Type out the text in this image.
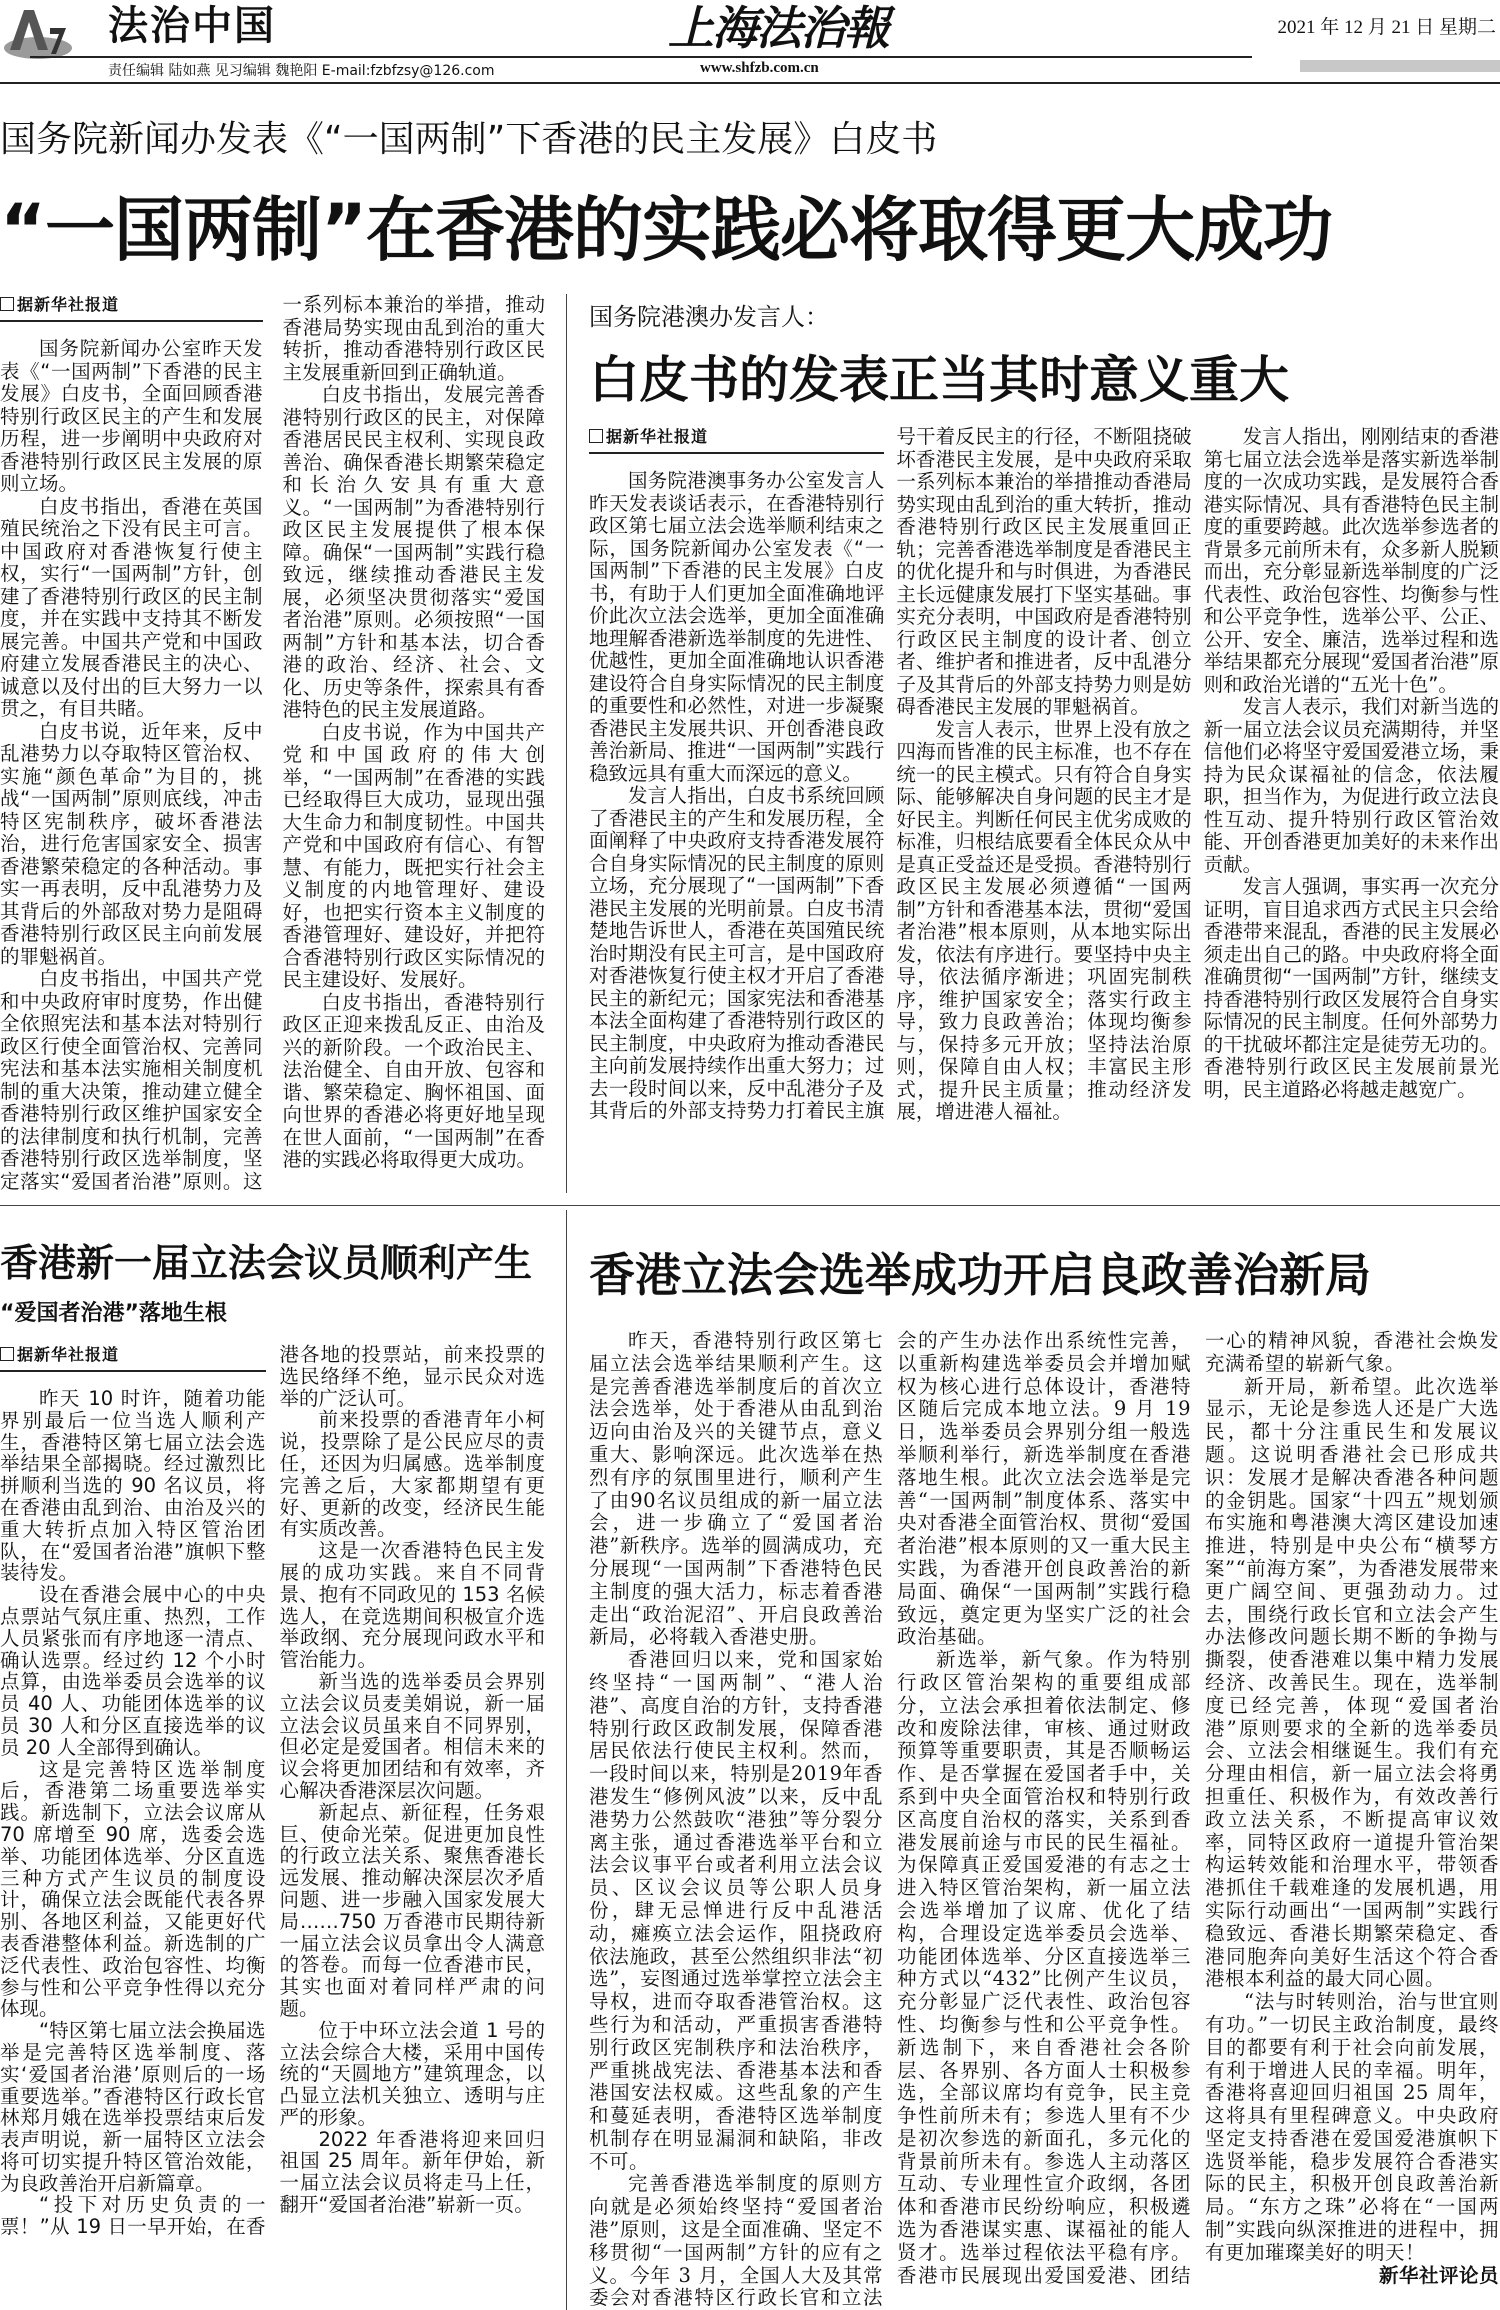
法治中国	上海法治報
责任编辑 陆如燕 见习编辑 魏艳阳 E-mail:fzbfzsy@126.com	www.shfzb.com.cn
2021 年 12 月 21 日 星期二
国务院新闻办发表《“一国两制”下香港的民主发展》白皮书
“一国两制”在香港的实践必将取得更大成功
据新华社报道

国务院新闻办公室昨天发表《“一国两制”下香港的民主发展》白皮书，全面回顾香港特别行政区民主的产生和发展历程，进一步阐明中央政府对香港特别行政区民主发展的原则立场。

白皮书指出，香港在英国殖民统治之下没有民主可言。中国政府对香港恢复行使主权，实行“一国两制”方针，创建了香港特别行政区的民主制度，并在实践中支持其不断发展完善。中国共产党和中国政府建立发展香港民主的决心、诚意以及付出的巨大努力一以贯之，有目共睹。

白皮书说，近年来，反中乱港势力以夺取特区管治权、实施“颜色革命”为目的，挑战“一国两制”原则底线，冲击特区宪制秩序，破坏香港法治，进行危害国家安全、损害香港繁荣稳定的各种活动。事实一再表明，反中乱港势力及其背后的外部敌对势力是阻碍香港特别行政区民主向前发展的罪魁祸首。

白皮书指出，中国共产党和中央政府审时度势，作出健全依照宪法和基本法对特别行政区行使全面管治权、完善同宪法和基本法实施相关制度机制的重大决策，推动建立健全香港特别行政区维护国家安全的法律制度和执行机制，完善香港特别行政区选举制度，坚定落实“爱国者治港”原则。这一系列标本兼治的举措，推动香港局势实现由乱到治的重大转折，推动香港特别行政区民主发展重新回到正确轨道。

白皮书指出，发展完善香港特别行政区的民主，对保障香港居民民主权利、实现良政善治、确保香港长期繁荣稳定和长治久安具有重大意义。“一国两制”为香港特别行政区民主发展提供了根本保障。确保“一国两制”实践行稳致远，继续推动香港民主发展，必须坚决贯彻落实“爱国者治港”原则。必须按照“一国两制”方针和基本法，切合香港的政治、经济、社会、文化、历史等条件，探索具有香港特色的民主发展道路。

白皮书说，作为中国共产党和中国政府的伟大创举，“一国两制”在香港的实践已经取得巨大成功，显现出强大生命力和制度韧性。中国共产党和中国政府有信心、有智慧、有能力，既把实行社会主义制度的内地管理好、建设好，也把实行资本主义制度的香港管理好、建设好，并把符合香港特别行政区实际情况的民主建设好、发展好。

白皮书指出，香港特别行政区正迎来拨乱反正、由治及兴的新阶段。一个政治民主、法治健全、自由开放、包容和谐、繁荣稳定、胸怀祖国、面向世界的香港必将更好地呈现在世人面前，“一国两制”在香港的实践必将取得更大成功。

国务院港澳办发言人：
白皮书的发表正当其时意义重大
据新华社报道

国务院港澳事务办公室发言人昨天发表谈话表示，在香港特别行政区第七届立法会选举顺利结束之际，国务院新闻办公室发表《“一国两制”下香港的民主发展》白皮书，有助于人们更加全面准确地评价此次立法会选举，更加全面准确地理解香港新选举制度的先进性、优越性，更加全面准确地认识香港建设符合自身实际情况的民主制度的重要性和必然性，对进一步凝聚香港民主发展共识、开创香港良政善治新局、推进“一国两制”实践行稳致远具有重大而深远的意义。

发言人指出，白皮书系统回顾了香港民主的产生和发展历程，全面阐释了中央政府支持香港发展符合自身实际情况的民主制度的原则立场，充分展现了“一国两制”下香港民主发展的光明前景。白皮书清楚地告诉世人，香港在英国殖民统治时期没有民主可言，是中国政府对香港恢复行使主权才开启了香港民主的新纪元；国家宪法和香港基本法全面构建了香港特别行政区的民主制度，中央政府为推动香港民主向前发展持续作出重大努力；过去一段时间以来，反中乱港分子及其背后的外部支持势力打着民主旗号干着反民主的行径，不断阻挠破坏香港民主发展，是中央政府采取一系列标本兼治的举措推动香港局势实现由乱到治的重大转折，推动香港特别行政区民主发展重回正轨；完善香港选举制度是香港民主的优化提升和与时俱进，为香港民主长远健康发展打下坚实基础。事实充分表明，中国政府是香港特别行政区民主制度的设计者、创立者、维护者和推进者，反中乱港分子及其背后的外部支持势力则是妨碍香港民主发展的罪魁祸首。

发言人表示，世界上没有放之四海而皆准的民主标准，也不存在统一的民主模式。只有符合自身实际、能够解决自身问题的民主才是好民主。判断任何民主优劣成败的标准，归根结底要看全体民众从中是真正受益还是受损。香港特别行政区民主发展必须遵循“一国两制”方针和香港基本法，贯彻“爱国者治港”根本原则，从本地实际出发，依法有序进行。要坚持中央主导，依法循序渐进；巩固宪制秩序，维护国家安全；落实行政主导，致力良政善治；体现均衡参与，保持多元开放；坚持法治原则，保障自由人权；丰富民主形式，提升民主质量；推动经济发展，增进港人福祉。

发言人指出，刚刚结束的香港第七届立法会选举是落实新选举制度的一次成功实践，是发展符合香港实际情况、具有香港特色民主制度的重要跨越。此次选举参选者的背景多元前所未有，众多新人脱颖而出，充分彰显新选举制度的广泛代表性、政治包容性、均衡参与性和公平竞争性，选举公平、公正、公开、安全、廉洁，选举过程和选举结果都充分展现“爱国者治港”原则和政治光谱的“五光十色”。

发言人表示，我们对新当选的新一届立法会议员充满期待，并坚信他们必将坚守爱国爱港立场，秉持为民众谋福祉的信念，依法履职，担当作为，为促进行政立法良性互动、提升特别行政区管治效能、开创香港更加美好的未来作出贡献。

发言人强调，事实再一次充分证明，盲目追求西方式民主只会给香港带来混乱，香港的民主发展必须走出自己的路。中央政府将全面准确贯彻“一国两制”方针，继续支持香港特别行政区发展符合自身实际情况的民主制度。任何外部势力的干扰破坏都注定是徒劳无功的。香港特别行政区民主发展前景光明，民主道路必将越走越宽广。

香港新一届立法会议员顺利产生
“爱国者治港”落地生根
据新华社报道

昨天 10 时许，随着功能界别最后一位当选人顺利产生，香港特区第七届立法会选举结果全部揭晓。经过激烈比拼顺利当选的 90 名议员，将在香港由乱到治、由治及兴的重大转折点加入特区管治团队，在“爱国者治港”旗帜下整装待发。

设在香港会展中心的中央点票站气氛庄重、热烈，工作人员紧张而有序地逐一清点、确认选票。经过约 12 个小时点算，由选举委员会选举的议员 40 人、功能团体选举的议员 30 人和分区直接选举的议员 20 人全部得到确认。

这是完善特区选举制度后，香港第二场重要选举实践。新选制下，立法会议席从 70 席增至 90 席，选委会选举、功能团体选举、分区直选三种方式产生议员的制度设计，确保立法会既能代表各界别、各地区利益，又能更好代表香港整体利益。新选制的广泛代表性、政治包容性、均衡参与性和公平竞争性得以充分体现。

“特区第七届立法会换届选举是完善特区选举制度、落实‘爱国者治港’原则后的一场重要选举。”香港特区行政长官林郑月娥在选举投票结束后发表声明说，新一届特区立法会将可切实提升特区管治效能，为良政善治开启新篇章。

“投下对历史负责的一票！”从 19 日一早开始，在香港各地的投票站，前来投票的选民络绎不绝，显示民众对选举的广泛认可。

前来投票的香港青年小柯说，投票除了是公民应尽的责任，还因为归属感。选举制度完善之后，大家都期望有更好、更新的改变，经济民生能有实质改善。

这是一次香港特色民主发展的成功实践。来自不同背景、抱有不同政见的 153 名候选人，在竞选期间积极宣介选举政纲、充分展现问政水平和管治能力。

新当选的选举委员会界别立法会议员麦美娟说，新一届立法会议员虽来自不同界别，但必定是爱国者。相信未来的议会将更加团结和有效率，齐心解决香港深层次问题。

新起点、新征程，任务艰巨、使命光荣。促进更加良性的行政立法关系、聚焦香港长远发展、推动解决深层次矛盾问题、进一步融入国家发展大局……750 万香港市民期待新一届立法会议员拿出令人满意的答卷。而每一位香港市民，其实也面对着同样严肃的问题。

位于中环立法会道 1 号的立法会综合大楼，采用中国传统的“天圆地方”建筑理念，以凸显立法机关独立、透明与庄严的形象。

2022 年香港将迎来回归祖国 25 周年。新年伊始，新一届立法会议员将走马上任，翻开“爱国者治港”崭新一页。

香港立法会选举成功开启良政善治新局

昨天，香港特别行政区第七届立法会选举结果顺利产生。这是完善香港选举制度后的首次立法会选举，处于香港从由乱到治迈向由治及兴的关键节点，意义重大、影响深远。此次选举在热烈有序的氛围里进行，顺利产生了由90名议员组成的新一届立法会，进一步确立了“爱国者治港”新秩序。选举的圆满成功，充分展现“一国两制”下香港特色民主制度的强大活力，标志着香港走出“政治泥沼”、开启良政善治新局，必将载入香港史册。

香港回归以来，党和国家始终坚持“一国两制”、“港人治港”、高度自治的方针，支持香港特别行政区政制发展，保障香港居民依法行使民主权利。然而，一段时间以来，特别是2019年香港发生“修例风波”以来，反中乱港势力公然鼓吹“港独”等分裂分离主张，通过香港选举平台和立法会议事平台或者利用立法会议员、区议会议员等公职人员身份，肆无忌惮进行反中乱港活动，瘫痪立法会运作，阻挠政府依法施政，甚至公然组织非法“初选”，妄图通过选举掌控立法会主导权，进而夺取香港管治权。这些行为和活动，严重损害香港特别行政区宪制秩序和法治秩序，严重挑战宪法、香港基本法和香港国安法权威。这些乱象的产生和蔓延表明，香港特区选举制度机制存在明显漏洞和缺陷，非改不可。

完善香港选举制度的原则方向就是必须始终坚持“爱国者治港”原则，这是全面准确、坚定不移贯彻“一国两制”方针的应有之义。今年 3 月，全国人大及其常委会对香港特区行政长官和立法会的产生办法作出系统性完善，以重新构建选举委员会并增加赋权为核心进行总体设计，香港特区随后完成本地立法。9 月 19 日，选举委员会界别分组一般选举顺利举行，新选举制度在香港落地生根。此次立法会选举是完善“一国两制”制度体系、落实中央对香港全面管治权、贯彻“爱国者治港”根本原则的又一重大民主实践，为香港开创良政善治的新局面、确保“一国两制”实践行稳致远，奠定更为坚实广泛的社会政治基础。

新选举，新气象。作为特别行政区管治架构的重要组成部分，立法会承担着依法制定、修改和废除法律，审核、通过财政预算等重要职责，其是否顺畅运作、是否掌握在爱国者手中，关系到中央全面管治权和特别行政区高度自治权的落实，关系到香港发展前途与市民的民生福祉。为保障真正爱国爱港的有志之士进入特区管治架构，新一届立法会选举增加了议席、优化了结构，合理设定选举委员会选举、功能团体选举、分区直接选举三种方式以“432”比例产生议员，充分彰显广泛代表性、政治包容性、均衡参与性和公平竞争性。新选制下，来自香港社会各阶层、各界别、各方面人士积极参选，全部议席均有竞争，民主竞争性前所未有；参选人里有不少是初次参选的新面孔，多元化的背景前所未有。参选人主动落区互动、专业理性宣介政纲，各团体和香港市民纷纷响应，积极遴选为香港谋实惠、谋福祉的能人贤才。选举过程依法平稳有序。香港市民展现出爱国爱港、团结一心的精神风貌，香港社会焕发充满希望的崭新气象。

新开局，新希望。此次选举显示，无论是参选人还是广大选民，都十分注重民生和发展议题。这说明香港社会已形成共识：发展才是解决香港各种问题的金钥匙。国家“十四五”规划颁布实施和粤港澳大湾区建设加速推进，特别是中央公布“横琴方案”“前海方案”，为香港发展带来更广阔空间、更强劲动力。过去，围绕行政长官和立法会产生办法修改问题长期不断的争拗与撕裂，使香港难以集中精力发展经济、改善民生。现在，选举制度已经完善，体现“爱国者治港”原则要求的全新的选举委员会、立法会相继诞生。我们有充分理由相信，新一届立法会将勇担重任、积极作为，有效改善行政立法关系，不断提高审议效率，同特区政府一道提升管治架构运转效能和治理水平，带领香港抓住千载难逢的发展机遇，用实际行动画出“一国两制”实践行稳致远、香港长期繁荣稳定、香港同胞奔向美好生活这个符合香港根本利益的最大同心圆。

“法与时转则治，治与世宜则有功。”一切民主政治制度，最终目的都要有利于社会向前发展，有利于增进人民的幸福。明年，香港将喜迎回归祖国 25 周年，这将具有里程碑意义。中央政府坚定支持香港在爱国爱港旗帜下选贤举能，稳步发展符合香港实际的民主，积极开创良政善治新局。“东方之珠”必将在“一国两制”实践向纵深推进的进程中，拥有更加璀璨美好的明天！

新华社评论员
